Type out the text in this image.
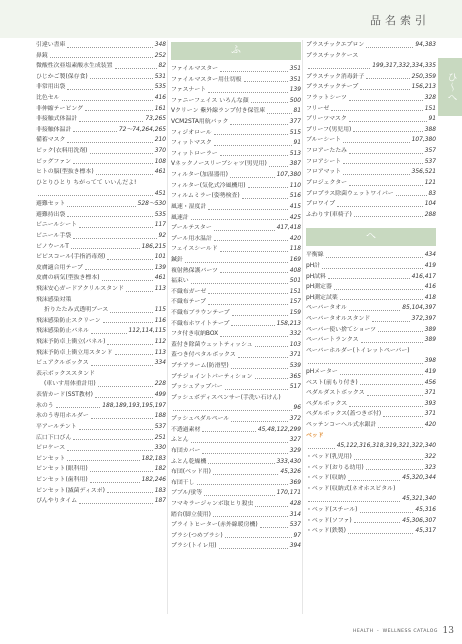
品名索引
ひ〜へ
引違い書庫	348
鼻鏡	252
微酸性次亜塩素酸水生成装置	82
ひじかご製(保存食)	531
非常用出袋	535
比色セル	416
非伸縮テーピング	161
非接触式体温計	73,265
非接触体温計	72〜74,264,265
備蓄マスク	210
ピック(衣料用洗剤)	370
ビッグファン	108
ヒトの脳(型抜き標本)	461
ひとりひとり ちがってて いいんだよ!
451
避難セット	528〜530
避難持出袋	535
ビニールシート	117
ビニール手袋	92
ビノウールT	186,215
ピピスコール(手指消毒剤)	101
皮膚適合用テープ	139
皮膚の病気(型抜き標本)	461
飛沫安心ガードアクリルスタンド	113
飛沫感染対策
折りたたみ式透明ブース	115
飛沫感染防止スクリーン	116
飛沫感染防止パネル	112,114,115
飛沫予防卓上衝立(パネル)	112
飛沫予防卓上衝立用スタンド	113
ビュアクルボックス	334
表示ボックススタンド
(車いす用体重計用)	228
表情カード(SST教材)	499
氷のう	188,189,193,195,197
氷のう専用ホルダー	188
平アールテント	537
広口下口びん	251
ピロケース	330
ピンセット	182,183
ピンセット(眼科用)	182
ピンセット(歯科用)	182,246
ピンセット(滅菌ディスポ)	183
ぴんやりタイム	187
ふ
ファイルマスター	351
ファイルマスター用仕切板	351
ファスナート	139
ファニーフェイス いろんな顔	500
Vクリーン 紫外線ランプ付き保管庫	81
VCM2STA用航パック	377
フィジオロール	515
フィットマスク	91
フィットローラー	513
Vネックノースリーブシャツ(男児用)	387
フィルター(加湿器用)	107,380
フィルター(気化式冷風機用)	110
フィルムミラー(姿勢検査)	516
風速・湿度計	415
風速計	425
プールテスター	417,418
プール用水温計	420
フェイスシールド	118
鍼針	169
複射熱保護パーツ	408
福束い	501
不織布ガーゼ	151
不織布テープ	157
不織布ブラウンテープ	159
不織布ホワイトテープ	158,213
フタ付き収納BOX	332
蓋付き除菌ウェットティッシュ	103
蓋つき付ベタルボックス	371
プチアラーム(防滑型)	539
プチジョイントパーティション	365
プッシュアップバー	517
プッシュボディスペンサー(手洗い石けん)
96
プッシュペダルペール	372
不透過素材	45,48,122,299
ふとん	327
布団カバー	329
ふとん乾燥機	333,430
布団(ベッド用)	45,326
布団干し	369
ブブル/蛍等	170,171
フマキラージャンボ取ヒり殺虫	428
踏台(脚立使用)	314
プライトヒーター(赤外線暖房機)	537
プラシ(つめブラシ)	97
プラシ(トイレ用)	394
プラスチックエプロン	94,383
プラスチックケース
199,317,332,334,335
プラスチック消毒針子	250,359
プラスチックテープ	156,213
フラットシーツ	328
フリーゼ	151
ブリーツマスク	91
プリーフ(男児用)	388
ブルーシート	107,380
フロアーたたみ	357
フロアシート	537
フロアマット	356,521
プロジェクター	121
プロプラス除菌ウェットワイパー	83
プロワイプ	104
ふわりす(車椅子)	288
へ
平衡線	434
pH計	419
pH試料	416,417
pH測定器	416
pH測定試薬	418
ペーパータオル	85,104,397
ペーパータオルスタンド	372,397
ペーパー使い捨てショーツ	389
ペーパートランクス	389
ペーパーホルダー(トイレットペーパー)
398
pHメーター	419
ベスト(前もり付き)	456
ペダルダストボックス	371
ペダルボックス	393
ペダルボックス(蓋つきボ付)	371
ペッテンコーヘル式水銀計	420
ベッド
45,122,316,318,319,321,322,340
・ベッド(乳児用)	322
・ベッド(おりる幼用)	323
・ベッド(収納)	45,320,344
・ベッド(収納式(ネオホスピタル)
45,321,340
・ベッド(スチール)	45,316
・ベッド(ソファ)	45,306,307
・ベッド(鉄製)	45,317
HEALTH ・ WELLNESS CATALOG 13
